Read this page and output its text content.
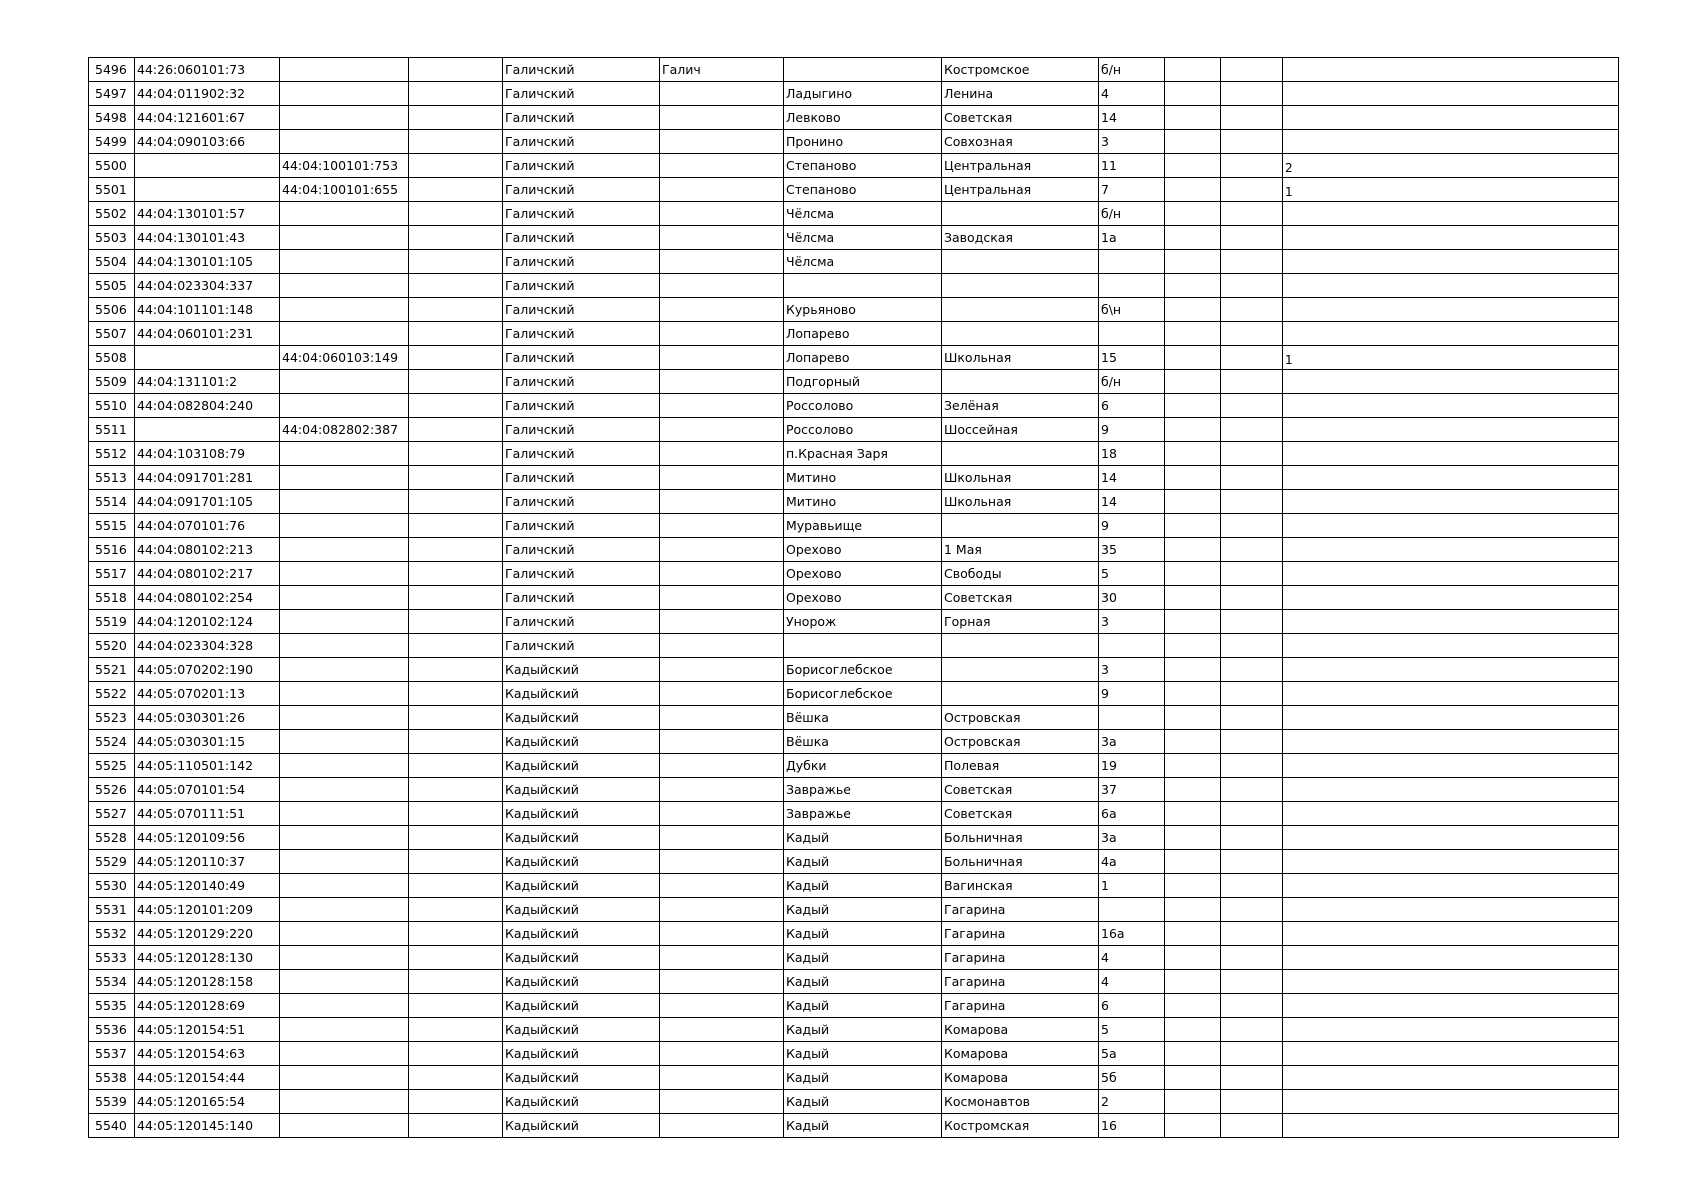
5496	44:26:060101:73			Галичский	Галич		Костромское	б/н			
5497	44:04:011902:32			Галичский		Ладыгино	Ленина	4			
5498	44:04:121601:67			Галичский		Левково	Советская	14			
5499	44:04:090103:66			Галичский		Пронино	Совхозная	3			
5500		44:04:100101:753		Галичский		Степаново	Центральная	11			2
5501		44:04:100101:655		Галичский		Степаново	Центральная	7			1
5502	44:04:130101:57			Галичский		Чёлсма		б/н			
5503	44:04:130101:43			Галичский		Чёлсма	Заводская	1а			
5504	44:04:130101:105			Галичский		Чёлсма					
5505	44:04:023304:337			Галичский							
5506	44:04:101101:148			Галичский		Курьяново		б\н			
5507	44:04:060101:231			Галичский		Лопарево					
5508		44:04:060103:149		Галичский		Лопарево	Школьная	15			1
5509	44:04:131101:2			Галичский		Подгорный		б/н			
5510	44:04:082804:240			Галичский		Россолово	Зелёная	6			
5511		44:04:082802:387		Галичский		Россолово	Шоссейная	9			
5512	44:04:103108:79			Галичский		п.Красная Заря		18			
5513	44:04:091701:281			Галичский		Митино	Школьная	14			
5514	44:04:091701:105			Галичский		Митино	Школьная	14			
5515	44:04:070101:76			Галичский		Муравьище		9			
5516	44:04:080102:213			Галичский		Орехово	1 Мая	35			
5517	44:04:080102:217			Галичский		Орехово	Свободы	5			
5518	44:04:080102:254			Галичский		Орехово	Советская	30			
5519	44:04:120102:124			Галичский		Унорож	Горная	3			
5520	44:04:023304:328			Галичский							
5521	44:05:070202:190			Кадыйский		Борисоглебское		3			
5522	44:05:070201:13			Кадыйский		Борисоглебское		9			
5523	44:05:030301:26			Кадыйский		Вёшка	Островская				
5524	44:05:030301:15			Кадыйский		Вёшка	Островская	3а			
5525	44:05:110501:142			Кадыйский		Дубки	Полевая	19			
5526	44:05:070101:54			Кадыйский		Завражье	Советская	37			
5527	44:05:070111:51			Кадыйский		Завражье	Советская	6а			
5528	44:05:120109:56			Кадыйский		Кадый	Больничная	3а			
5529	44:05:120110:37			Кадыйский		Кадый	Больничная	4а			
5530	44:05:120140:49			Кадыйский		Кадый	Вагинская	1			
5531	44:05:120101:209			Кадыйский		Кадый	Гагарина				
5532	44:05:120129:220			Кадыйский		Кадый	Гагарина	16а			
5533	44:05:120128:130			Кадыйский		Кадый	Гагарина	4			
5534	44:05:120128:158			Кадыйский		Кадый	Гагарина	4			
5535	44:05:120128:69			Кадыйский		Кадый	Гагарина	6			
5536	44:05:120154:51			Кадыйский		Кадый	Комарова	5			
5537	44:05:120154:63			Кадыйский		Кадый	Комарова	5а			
5538	44:05:120154:44			Кадыйский		Кадый	Комарова	5б			
5539	44:05:120165:54			Кадыйский		Кадый	Космонавтов	2			
5540	44:05:120145:140			Кадыйский		Кадый	Костромская	16			
